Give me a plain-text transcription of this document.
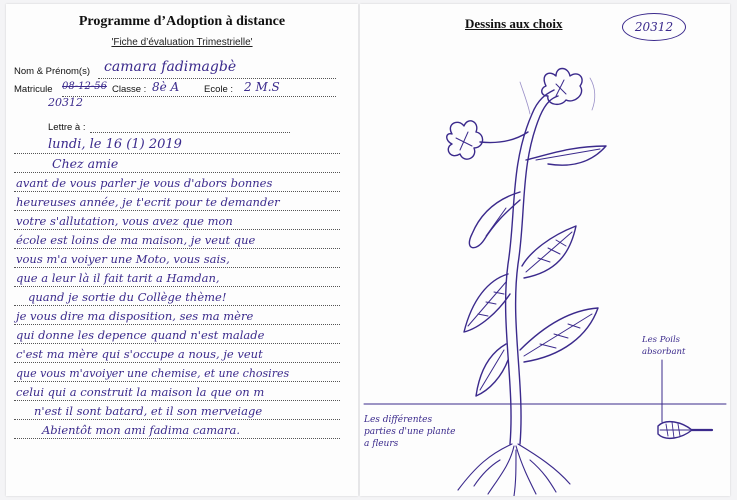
Programme d’Adoption à distance
'Fiche d’évaluation Trimestrielle'
Nom & Prénom(s) camara fadimagbè
Matricule 08-12-56 Classe : 8è A	Ecole : 2 M.S
20312
Lettre à :
lundi, le 16 (1) 2019
Chez amie
avant de vous parler je vous d'abors bonnes
heureuses année, je t'ecrit pour te demander
votre s'allutation, vous avez que mon
école est loins de ma maison, je veut que
vous m'a voiyer une Moto, vous sais,
que a leur là il fait tarit a Hamdan,
quand je sortie du Collège thème!
je vous dire ma disposition, ses ma mère
qui donne les depence quand n'est malade
c'est ma mère qui s'occupe a nous, je veut
que vous m'avoiyer une chemise, et une chosires
celui qui a construit la maison la que on m
n'est il sont batard, et il son merveiage
Abientôt mon ami fadima camara.
Dessins aux choix	20312
Les Poils absorbant
Les différentes parties d'une plante a fleurs
